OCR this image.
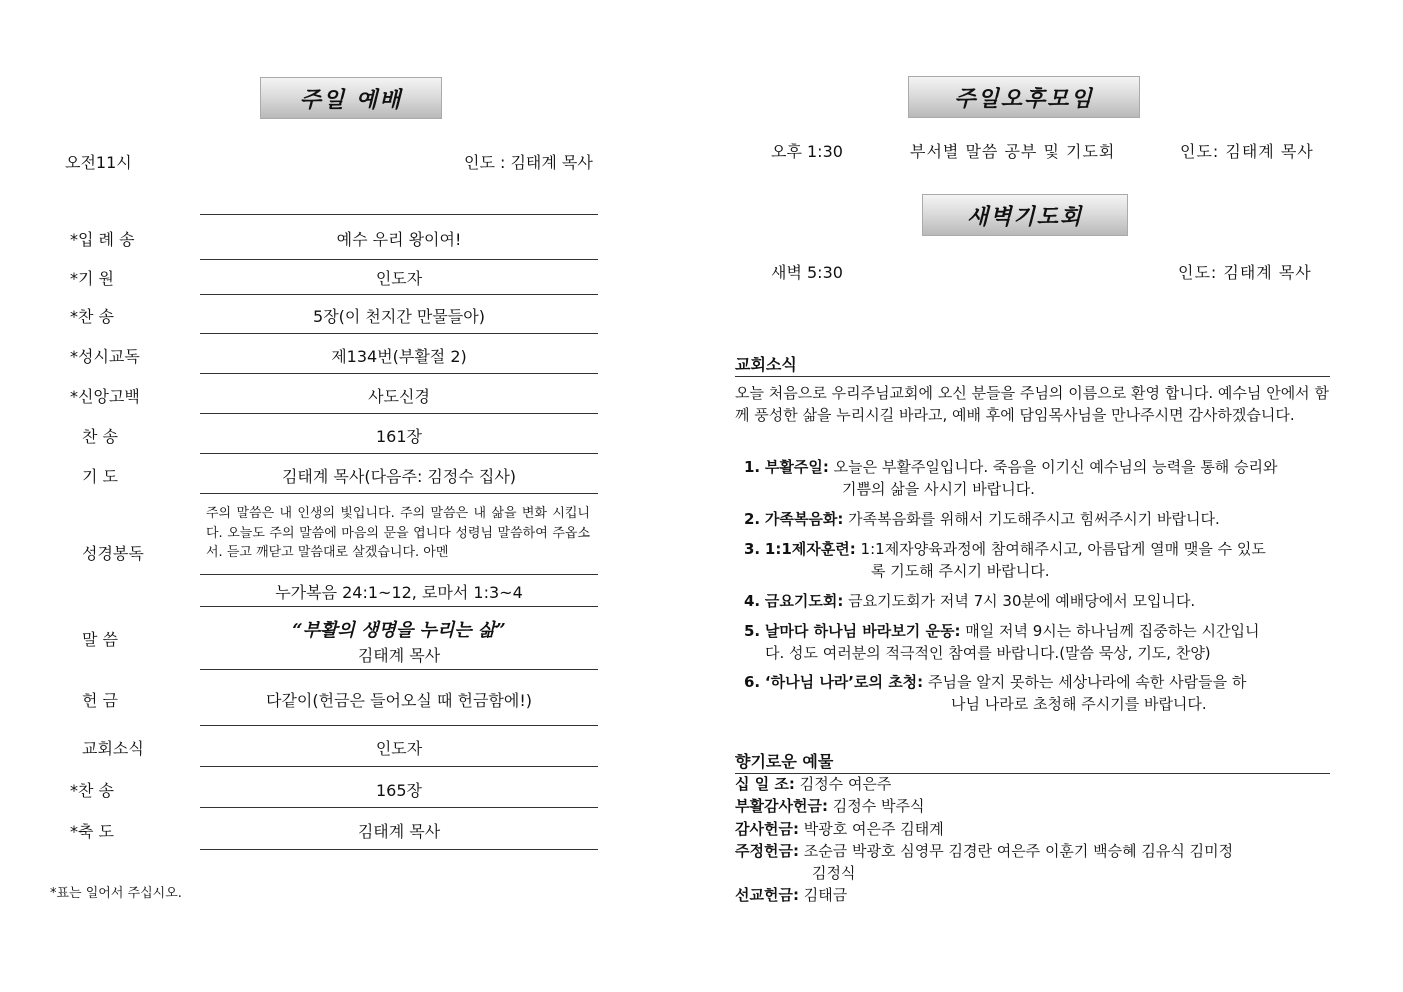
주일 예배
오전11시	인도 : 김태계 목사
*입 례 송	예수 우리 왕이여!
*기 원	인도자
*찬 송	5장(이 천지간 만물들아)
*성시교독	제134번(부활절 2)
*신앙고백	사도신경
찬 송	161장
기 도	김태계 목사(다음주: 김정수 집사)
성경봉독
주의 말씀은 내 인생의 빛입니다. 주의 말씀은 내 삶을 변화 시킵니다. 오늘도 주의 말씀에 마음의 문을 엽니다 성령님 말씀하여 주옵소서. 듣고 깨닫고 말씀대로 살겠습니다. 아멘
누가복음 24:1~12, 로마서 1:3~4
말 씀	“부활의 생명을 누리는 삶”
김태계 목사
헌 금	다같이(헌금은 들어오실 때 헌금함에!)
교회소식	인도자
*찬 송	165장
*축 도	김태계 목사
*표는 일어서 주십시오.
주일오후모임
오후 1:30	부서별 말씀 공부 및 기도회	인도: 김태계 목사
새벽기도회
새벽 5:30	인도: 김태계 목사
교회소식
오늘 처음으로 우리주님교회에 오신 분들을 주님의 이름으로 환영 합니다. 예수님 안에서 함께 풍성한 삶을 누리시길 바라고, 예배 후에 담임목사님을 만나주시면 감사하겠습니다.
1. 부활주일: 오늘은 부활주일입니다. 죽음을 이기신 예수님의 능력을 통해 승리와
기쁨의 삶을 사시기 바랍니다.
2. 가족복음화: 가족복음화를 위해서 기도해주시고 힘써주시기 바랍니다.
3. 1:1제자훈련: 1:1제자양육과정에 참여해주시고, 아름답게 열매 맺을 수 있도
록 기도해 주시기 바랍니다.
4. 금요기도회: 금요기도회가 저녁 7시 30분에 예배당에서 모입니다.
5. 날마다 하나님 바라보기 운동: 매일 저녁 9시는 하나님께 집중하는 시간입니
다. 성도 여러분의 적극적인 참여를 바랍니다.(말씀 묵상, 기도, 찬양)
6. ‘하나님 나라’로의 초청: 주님을 알지 못하는 세상나라에 속한 사람들을 하
나님 나라로 초청해 주시기를 바랍니다.
향기로운 예물
십 일 조: 김정수 여은주
부활감사헌금: 김정수 박주식
감사헌금: 박광호 여은주 김태계
주정헌금: 조순금 박광호 심영무 김경란 여은주 이훈기 백승혜 김유식 김미정
김정식
선교헌금: 김태금
